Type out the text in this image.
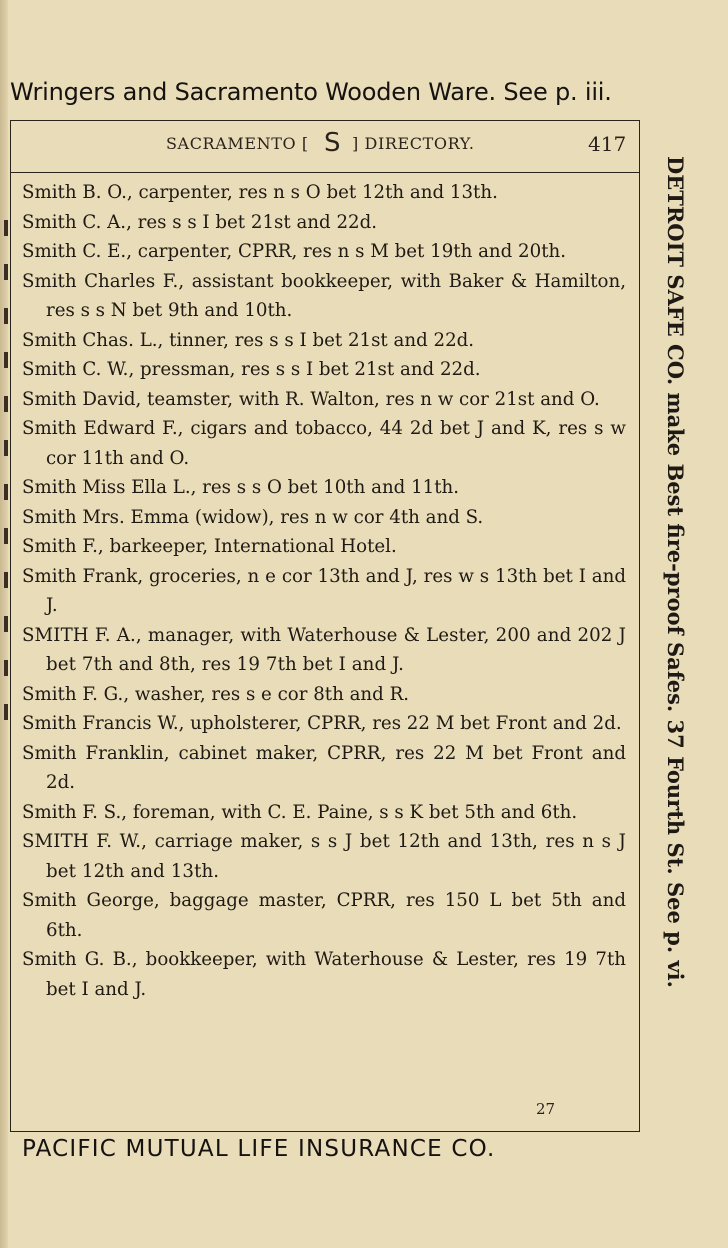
Wringers and Sacramento Wooden Ware. See p. iii.
SACRAMENTO [ S ] DIRECTORY.	417
DETROIT SAFE CO. make Best fire-proof Safes. 37 Fourth St. See p. vi.
Smith B. O., carpenter, res n s O bet 12th and 13th.
Smith C. A., res s s I bet 21st and 22d.
Smith C. E., carpenter, CPRR, res n s M bet 19th and 20th.
Smith Charles F., assistant bookkeeper, with Baker & Hamilton, res s s N bet 9th and 10th.
Smith Chas. L., tinner, res s s I bet 21st and 22d.
Smith C. W., pressman, res s s I bet 21st and 22d.
Smith David, teamster, with R. Walton, res n w cor 21st and O.
Smith Edward F., cigars and tobacco, 44 2d bet J and K, res s w cor 11th and O.
Smith Miss Ella L., res s s O bet 10th and 11th.
Smith Mrs. Emma (widow), res n w cor 4th and S.
Smith F., barkeeper, International Hotel.
Smith Frank, groceries, n e cor 13th and J, res w s 13th bet I and J.
SMITH F. A., manager, with Waterhouse & Lester, 200 and 202 J bet 7th and 8th, res 19 7th bet I and J.
Smith F. G., washer, res s e cor 8th and R.
Smith Francis W., upholsterer, CPRR, res 22 M bet Front and 2d.
Smith Franklin, cabinet maker, CPRR, res 22 M bet Front and 2d.
Smith F. S., foreman, with C. E. Paine, s s K bet 5th and 6th.
SMITH F. W., carriage maker, s s J bet 12th and 13th, res n s J bet 12th and 13th.
Smith George, baggage master, CPRR, res 150 L bet 5th and 6th.
Smith G. B., bookkeeper, with Waterhouse & Lester, res 19 7th bet I and J.
27
PACIFIC MUTUAL LIFE INSURANCE CO.
